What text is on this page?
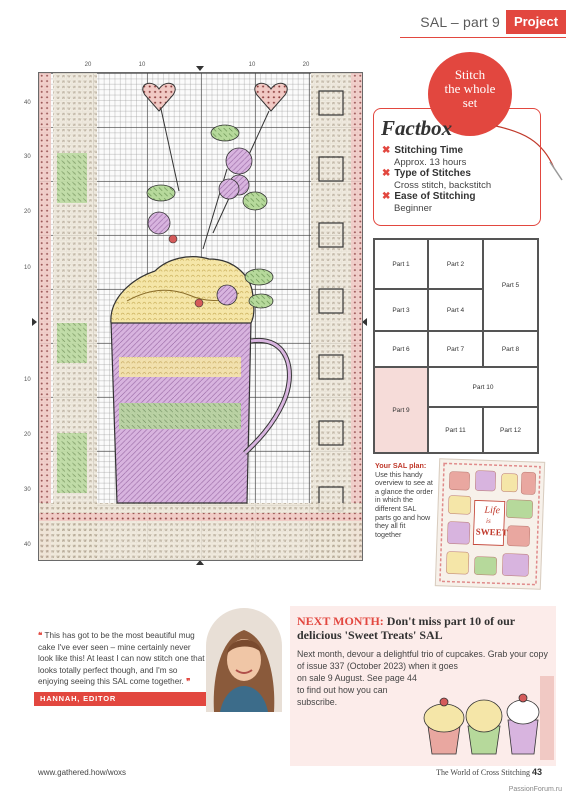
SAL – part 9	Project
20	10	10	20
40
30
20
10
10
20
30
40
Stitch
the whole
set
Factbox
✖ Stitching Time
Approx. 13 hours
✖ Type of Stitches
Cross stitch, backstitch
✖ Ease of Stitching
Beginner
Part 1	Part 2
Part 3	Part 4
Part 5
Part 6	Part 7	Part 8
Part 9
Part 10
Part 11	Part 12
Your SAL plan: Use this handy overview to see at a glance the order in which the different SAL parts go and how they all fit together
Life
is
SWEET
❝ This has got to be the most beautiful mug cake I've ever seen – mine certainly never look like this! At least I can now stitch one that looks totally perfect though, and I'm so enjoying seeing this SAL come together. ❞
HANNAH, EDITOR
NEXT MONTH: Don't miss part 10 of our delicious 'Sweet Treats' SAL
Next month, devour a delightful trio of cupcakes. Grab your copy of issue 337 (October 2023) when it goes
on sale 9 August. See page 44 to find out how you can subscribe.
www.gathered.how/woxs	The World of Cross Stitching 43
PassionForum.ru
